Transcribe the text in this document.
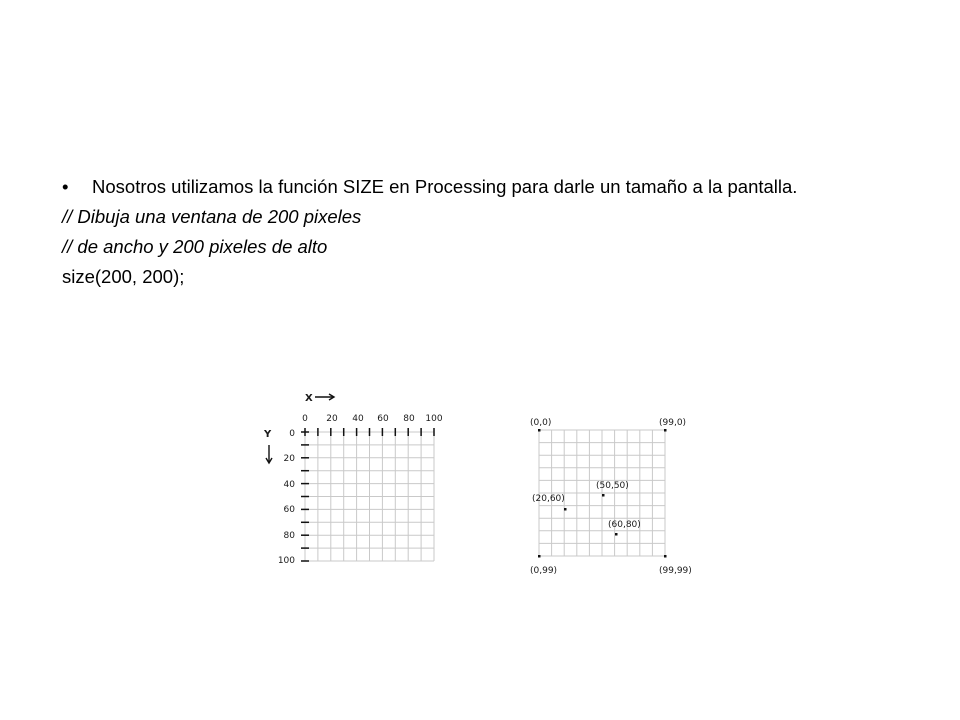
• Nosotros utilizamos la función SIZE en Processing para darle un tamaño a la pantalla.
// Dibuja una ventana de 200 pixeles
// de ancho y 200 pixeles de alto
size(200, 200);
X
Y
0 20 40 60 80 100
0
20
40
60
80
100
(0,0)	(99,0)
(0,99)	(99,99)
(20,60)
(50,50)
(60,80)
